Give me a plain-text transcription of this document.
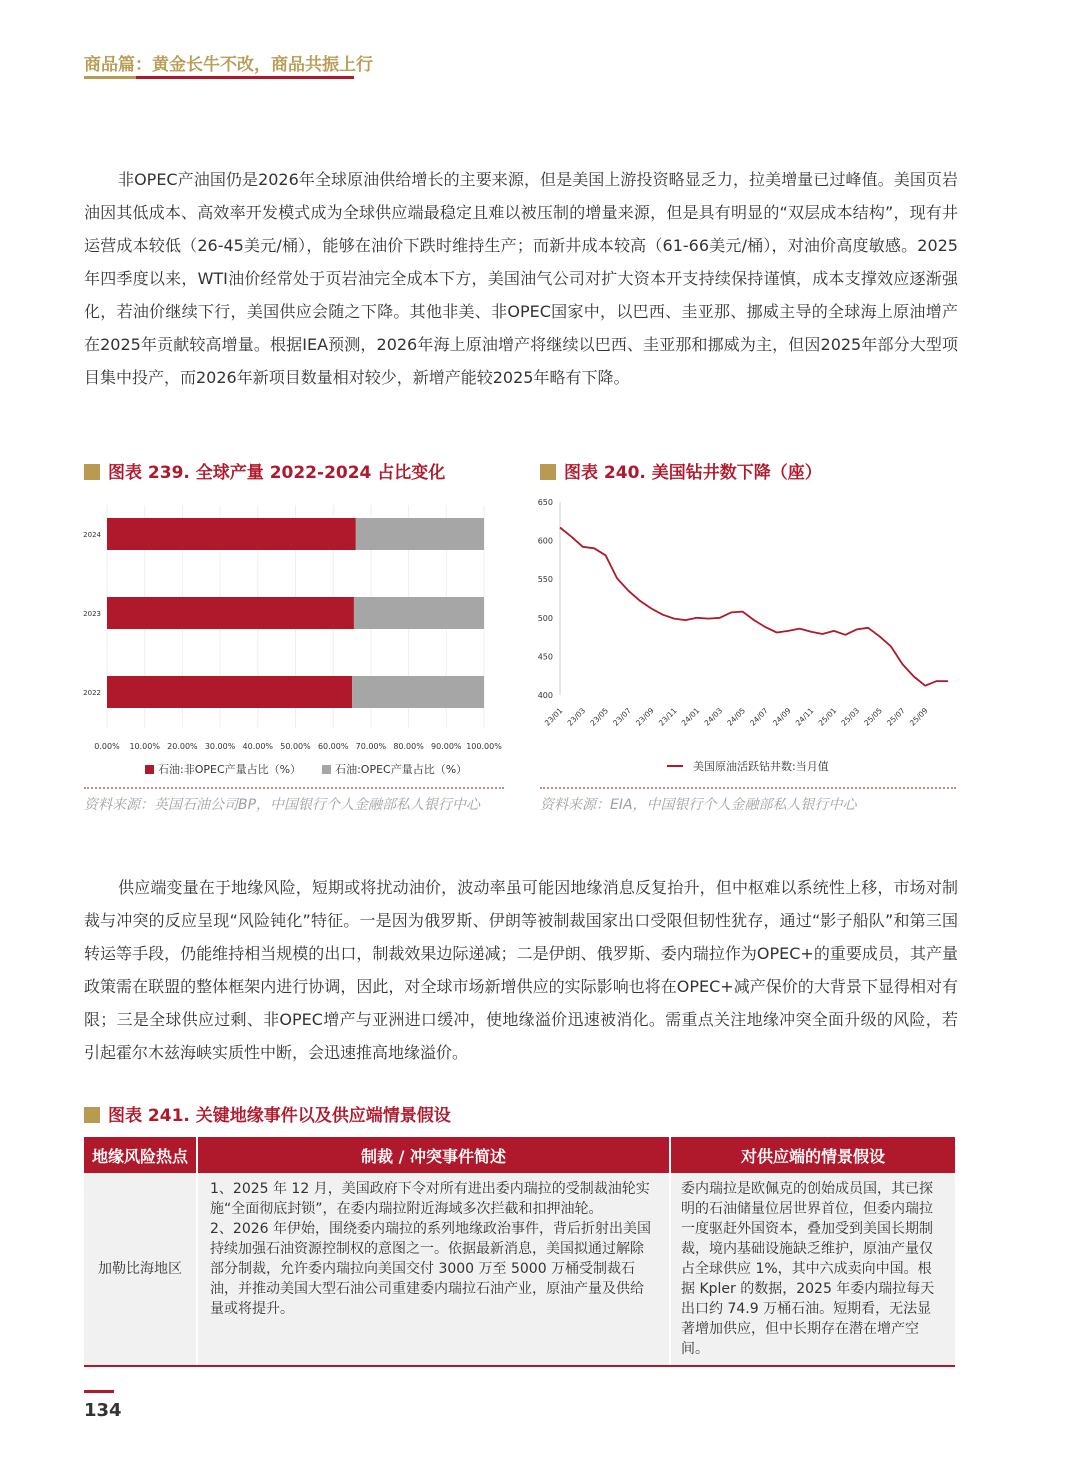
商品篇：黄金长牛不改，商品共振上行

非OPEC产油国仍是2026年全球原油供给增长的主要来源，但是美国上游投资略显乏力，拉美增量已过峰值。美国页岩油因其低成本、高效率开发模式成为全球供应端最稳定且难以被压制的增量来源，但是具有明显的“双层成本结构”，现有井运营成本较低（26-45美元/桶），能够在油价下跌时维持生产；而新井成本较高（61-66美元/桶），对油价高度敏感。2025年四季度以来，WTI油价经常处于页岩油完全成本下方，美国油气公司对扩大资本开支持续保持谨慎，成本支撑效应逐渐强化，若油价继续下行，美国供应会随之下降。其他非美、非OPEC国家中，以巴西、圭亚那、挪威主导的全球海上原油增产在2025年贡献较高增量。根据IEA预测，2026年海上原油增产将继续以巴西、圭亚那和挪威为主，但因2025年部分大型项目集中投产，而2026年新项目数量相对较少，新增产能较2025年略有下降。

图表 239. 全球产量 2022-2024 占比变化
2024
2023
2022
0.00% 10.00% 20.00% 30.00% 40.00% 50.00% 60.00% 70.00% 80.00% 90.00% 100.00%
石油:非OPEC产量占比（%）	石油:OPEC产量占比（%）
资料来源：英国石油公司BP，中国银行个人金融部私人银行中心
图表 240. 美国钻井数下降（座）
650
600
550
500
450
400
23/01 23/03 23/05 23/07 23/09 23/11 24/01 24/03 24/05 24/07 24/09 24/11 25/01 25/03 25/05 25/07 25/09
美国原油活跃钻井数:当月值
资料来源：EIA，中国银行个人金融部私人银行中心

供应端变量在于地缘风险，短期或将扰动油价，波动率虽可能因地缘消息反复抬升，但中枢难以系统性上移，市场对制裁与冲突的反应呈现“风险钝化”特征。一是因为俄罗斯、伊朗等被制裁国家出口受限但韧性犹存，通过“影子船队”和第三国转运等手段，仍能维持相当规模的出口，制裁效果边际递减；二是伊朗、俄罗斯、委内瑞拉作为OPEC+的重要成员，其产量政策需在联盟的整体框架内进行协调，因此，对全球市场新增供应的实际影响也将在OPEC+减产保价的大背景下显得相对有限；三是全球供应过剩、非OPEC增产与亚洲进口缓冲，使地缘溢价迅速被消化。需重点关注地缘冲突全面升级的风险，若引起霍尔木兹海峡实质性中断，会迅速推高地缘溢价。

图表 241. 关键地缘事件以及供应端情景假设
地缘风险热点	制裁 / 冲突事件简述	对供应端的情景假设
加勒比海地区	1、2025 年 12 月，美国政府下令对所有进出委内瑞拉的受制裁油轮实施“全面彻底封锁”，在委内瑞拉附近海域多次拦截和扣押油轮。
2、2026 年伊始，围绕委内瑞拉的系列地缘政治事件，背后折射出美国持续加强石油资源控制权的意图之一。依据最新消息，美国拟通过解除部分制裁，允许委内瑞拉向美国交付 3000 万至 5000 万桶受制裁石油，并推动美国大型石油公司重建委内瑞拉石油产业，原油产量及供给量或将提升。	委内瑞拉是欧佩克的创始成员国，其已探明的石油储量位居世界首位，但委内瑞拉一度驱赶外国资本，叠加受到美国长期制裁，境内基础设施缺乏维护，原油产量仅占全球供应 1%，其中六成卖向中国。根据 Kpler 的数据，2025 年委内瑞拉每天出口约 74.9 万桶石油。短期看，无法显著增加供应，但中长期存在潜在增产空间。
134
